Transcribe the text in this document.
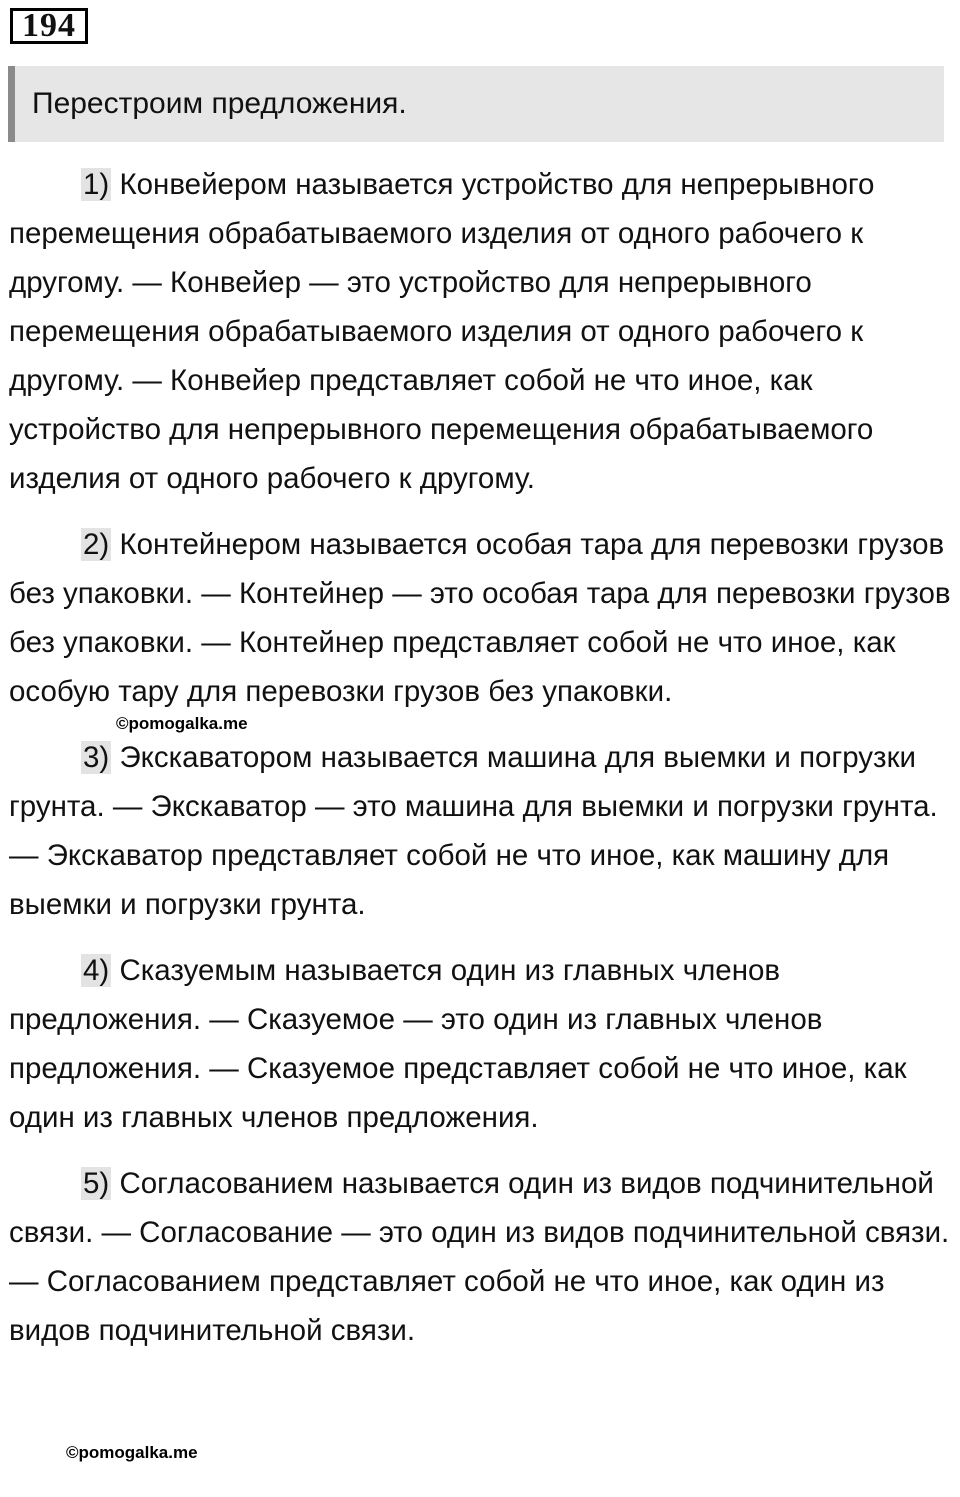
194
Перестроим предложения.

1) Конвейером называется устройство для непрерывного перемещения обрабатываемого изделия от одного рабочего к другому. — Конвейер — это устройство для непрерывного перемещения обрабатываемого изделия от одного рабочего к другому. — Конвейер представляет собой не что иное, как устройство для непрерывного перемещения обрабатываемого изделия от одного рабочего к другому.

2) Контейнером называется особая тара для перевозки грузов без упаковки. — Контейнер — это особая тара для перевозки грузов без упаковки. — Контейнер представляет собой не что иное, как особую тару для перевозки грузов без упаковки.

3) Экскаватором называется машина для выемки и погрузки грунта. — Экскаватор — это машина для выемки и погрузки грунта. — Экскаватор представляет собой не что иное, как машину для выемки и погрузки грунта.

4) Сказуемым называется один из главных членов предложения. — Сказуемое — это один из главных членов предложения. — Сказуемое представляет собой не что иное, как один из главных членов предложения.

5) Согласованием называется один из видов подчинительной связи. — Согласование — это один из видов подчинительной связи. — Согласованием представляет собой не что иное, как один из видов подчинительной связи.

©pomogalka.me
©pomogalka.me
